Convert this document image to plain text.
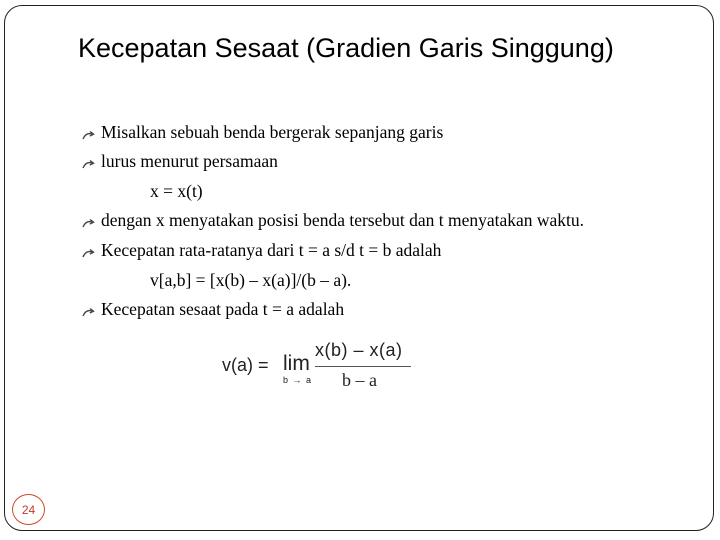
Kecepatan Sesaat (Gradien Garis Singgung)
Misalkan sebuah benda bergerak sepanjang garis
lurus menurut persamaan
x = x(t)
dengan x menyatakan posisi benda tersebut dan t menyatakan waktu.
Kecepatan rata-ratanya dari t = a s/d t = b adalah
v[a,b] = [x(b) – x(a)]/(b – a).
Kecepatan sesaat pada t = a adalah
v(a) = lim
b → a
x(b) – x(a)
b – a
24
